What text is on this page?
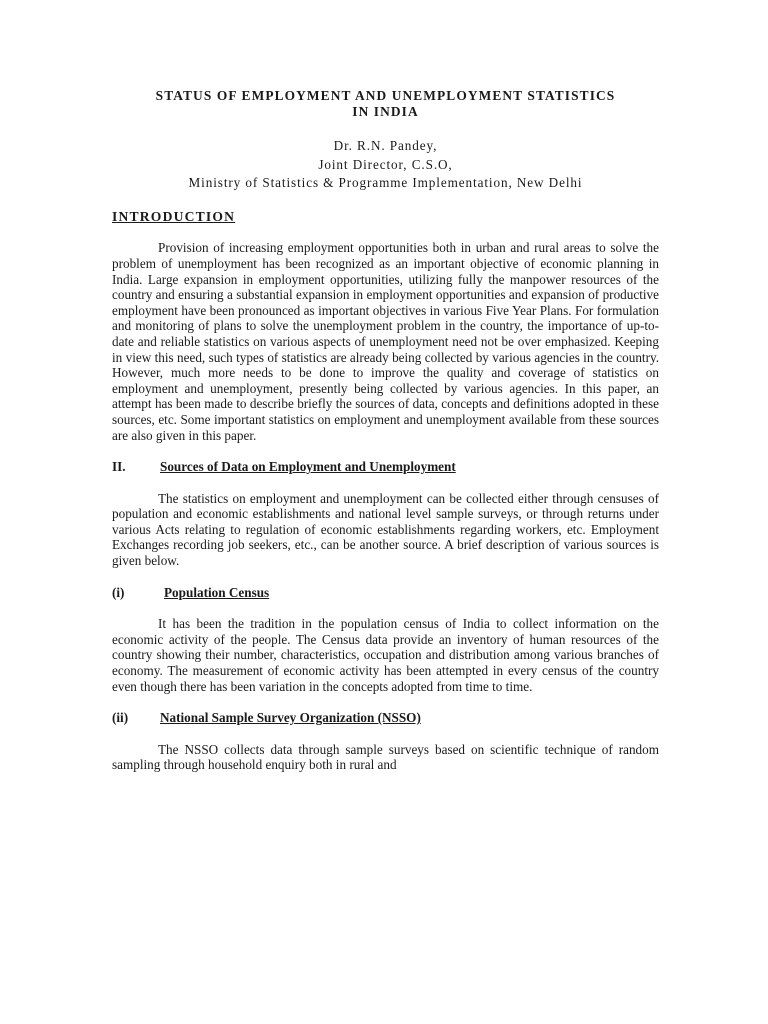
STATUS OF EMPLOYMENT AND UNEMPLOYMENT STATISTICS
IN INDIA
Dr. R.N. Pandey,
Joint Director, C.S.O,
Ministry of Statistics & Programme Implementation, New Delhi
INTRODUCTION

Provision of increasing employment opportunities both in urban and rural areas to solve the problem of unemployment has been recognized as an important objective of economic planning in India. Large expansion in employment opportunities, utilizing fully the manpower resources of the country and ensuring a substantial expansion in employment opportunities and expansion of productive employment have been pronounced as important objectives in various Five Year Plans. For formulation and monitoring of plans to solve the unemployment problem in the country, the importance of up-to-date and reliable statistics on various aspects of unemployment need not be over emphasized. Keeping in view this need, such types of statistics are already being collected by various agencies in the country. However, much more needs to be done to improve the quality and coverage of statistics on employment and unemployment, presently being collected by various agencies. In this paper, an attempt has been made to describe briefly the sources of data, concepts and definitions adopted in these sources, etc. Some important statistics on employment and unemployment available from these sources are also given in this paper.

II.	Sources of Data on Employment and Unemployment

The statistics on employment and unemployment can be collected either through censuses of population and economic establishments and national level sample surveys, or through returns under various Acts relating to regulation of economic establishments regarding workers, etc. Employment Exchanges recording job seekers, etc., can be another source. A brief description of various sources is given below.

(i)	Population Census

It has been the tradition in the population census of India to collect information on the economic activity of the people. The Census data provide an inventory of human resources of the country showing their number, characteristics, occupation and distribution among various branches of economy. The measurement of economic activity has been attempted in every census of the country even though there has been variation in the concepts adopted from time to time.

(ii)	National Sample Survey Organization (NSSO)

The NSSO collects data through sample surveys based on scientific technique of random sampling through household enquiry both in rural and
